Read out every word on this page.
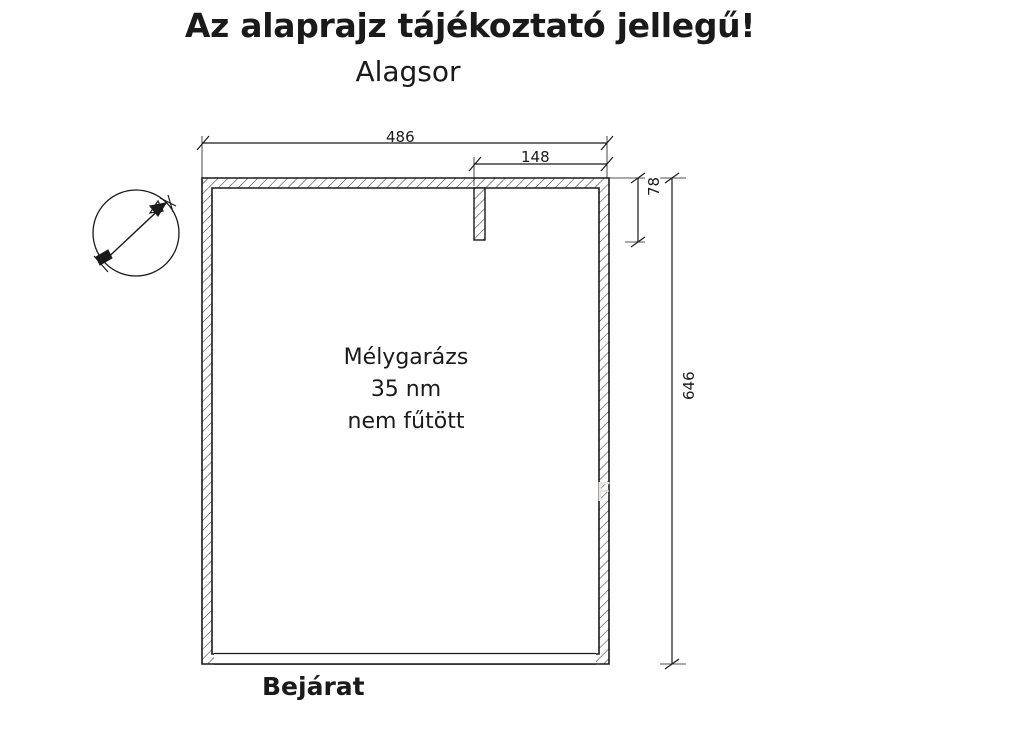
Az alaprajz tájékoztató jellegű!
Alagsor
486
148
78
646
Mélygarázs
35 nm
nem fűtött
Bejárat
F
